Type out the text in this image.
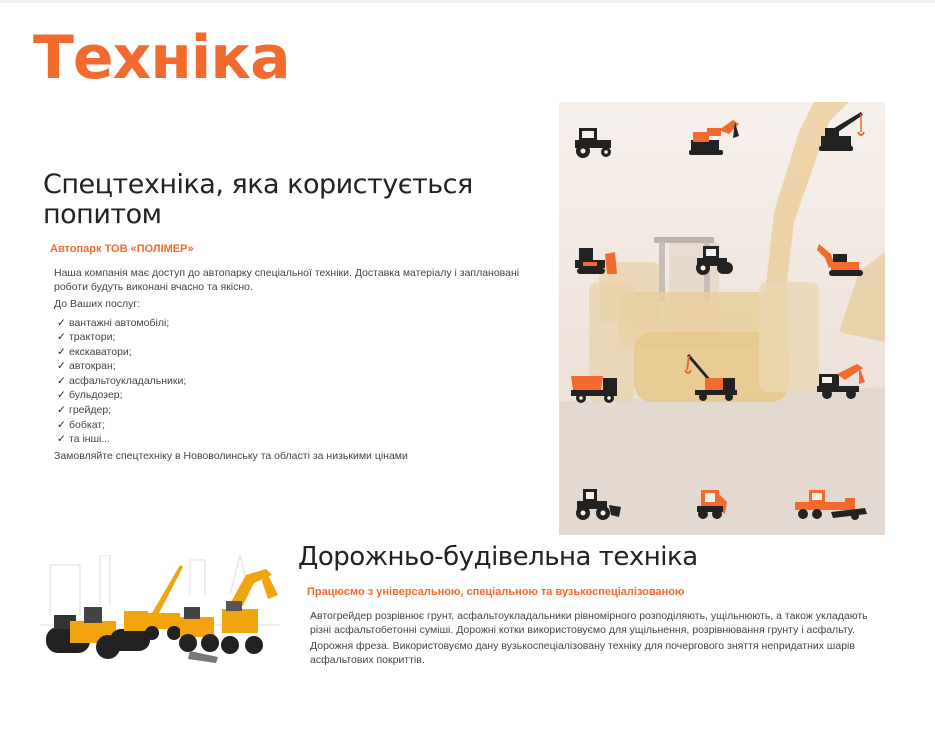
Техніка
Спецтехніка, яка користується попитом
Автопарк ТОВ «ПОЛІМЕР»

Наша компанія має доступ до автопарку спеціальної техніки. Доставка матеріалу і заплановані роботи будуть виконані вчасно та якісно.

До Ваших послуг:

✓ вантажні автомобілі;
✓ трактори;
✓ екскаватори;
✓ автокран;
✓ асфальтоукладальники;
✓ бульдозер;
✓ грейдер;
✓ бобкат;
✓ та інші...

Замовляйте спецтехніку в Нововолинську та області за низькими цінами

Дорожньо-будівельна техніка
Працюємо з універсальною, спеціальною та вузькоспеціалізованою

Автогрейдер розрівнює грунт, асфальтоукладальники рівномірного розподіляють, ущільнюють, а також укладають різні асфальтобетонні суміші. Дорожні котки використовуємо для ущільнення, розрівнювання грунту і асфальту.

Дорожня фреза. Використовуємо дану вузькоспеціалізовану техніку для почергового зняття непридатних шарів асфальтових покриттів.
